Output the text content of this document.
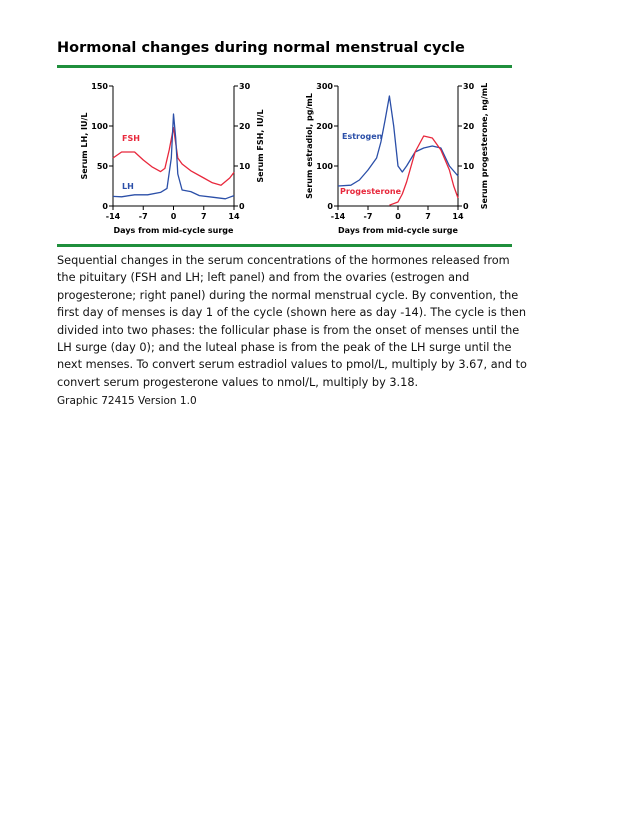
Hormonal changes during normal menstrual cycle
0
50
100
150
0
10
20
30
-14 -7	0	7	14
Days from mid-cycle surge
Serum LH, IU/L	Serum FSH, IU/L
FSH
LH
0
100
200
300
0
10
20
30
-14 -7	0	7	14
Days from mid-cycle surge
Serum estradiol, pg/mL	Serum progesterone, ng/mL
Estrogen
Progesterone

Sequential changes in the serum concentrations of the hormones released from the pituitary (FSH and LH; left panel) and from the ovaries (estrogen and progesterone; right panel) during the normal menstrual cycle. By convention, the first day of menses is day 1 of the cycle (shown here as day -14). The cycle is then divided into two phases: the follicular phase is from the onset of menses until the LH surge (day 0); and the luteal phase is from the peak of the LH surge until the next menses. To convert serum estradiol values to pmol/L, multiply by 3.67, and to convert serum progesterone values to nmol/L, multiply by 3.18.

Graphic 72415 Version 1.0
